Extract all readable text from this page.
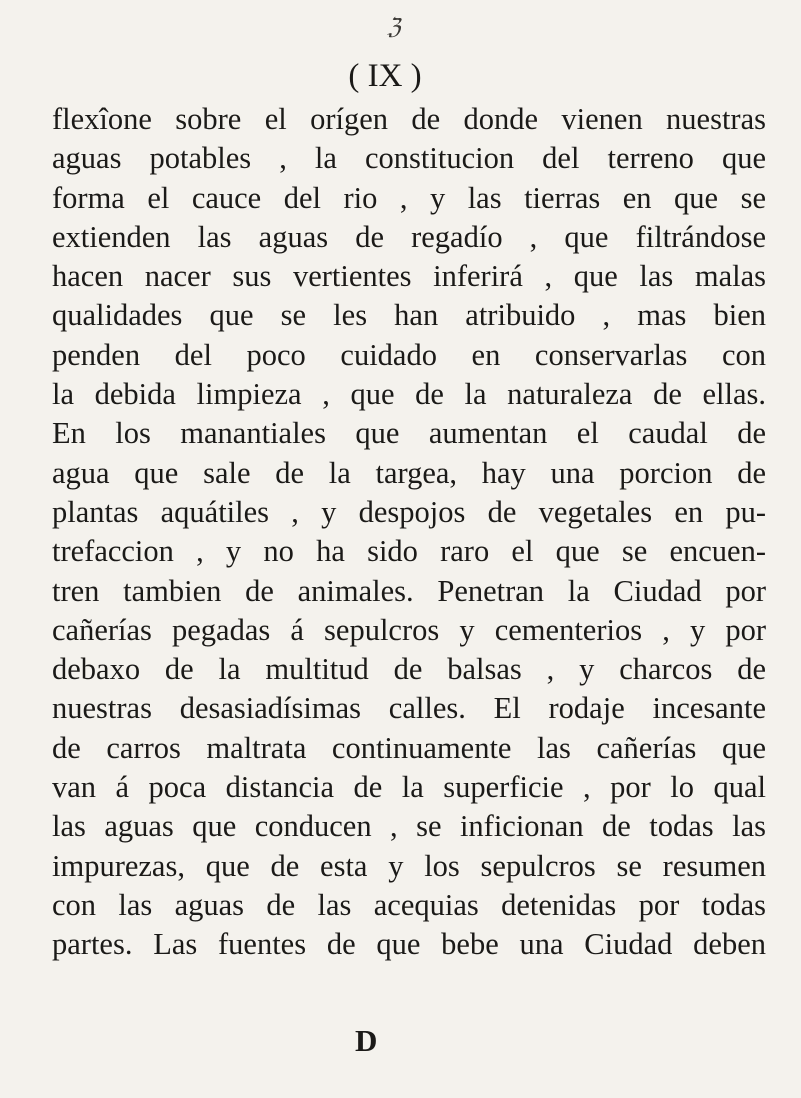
ℨ
( IX )
flexîone sobre el orígen de donde vienen nuestras
aguas potables , la constitucion del terreno que
forma el cauce del rio , y las tierras en que se
extienden las aguas de regadío , que filtrándose
hacen nacer sus vertientes inferirá , que las malas
qualidades que se les han atribuido , mas bien
penden del poco cuidado en conservarlas con
la debida limpieza , que de la naturaleza de ellas.
En los manantiales que aumentan el caudal de
agua que sale de la targea, hay una porcion de
plantas aquátiles , y despojos de vegetales en pu-
trefaccion , y no ha sido raro el que se encuen-
tren tambien de animales. Penetran la Ciudad por
cañerías pegadas á sepulcros y cementerios , y por
debaxo de la multitud de balsas , y charcos de
nuestras desasiadísimas calles. El rodaje incesante
de carros maltrata continuamente las cañerías que
van á poca distancia de la superficie , por lo qual
las aguas que conducen , se inficionan de todas las
impurezas, que de esta y los sepulcros se resumen
con las aguas de las acequias detenidas por todas
partes. Las fuentes de que bebe una Ciudad deben
D
